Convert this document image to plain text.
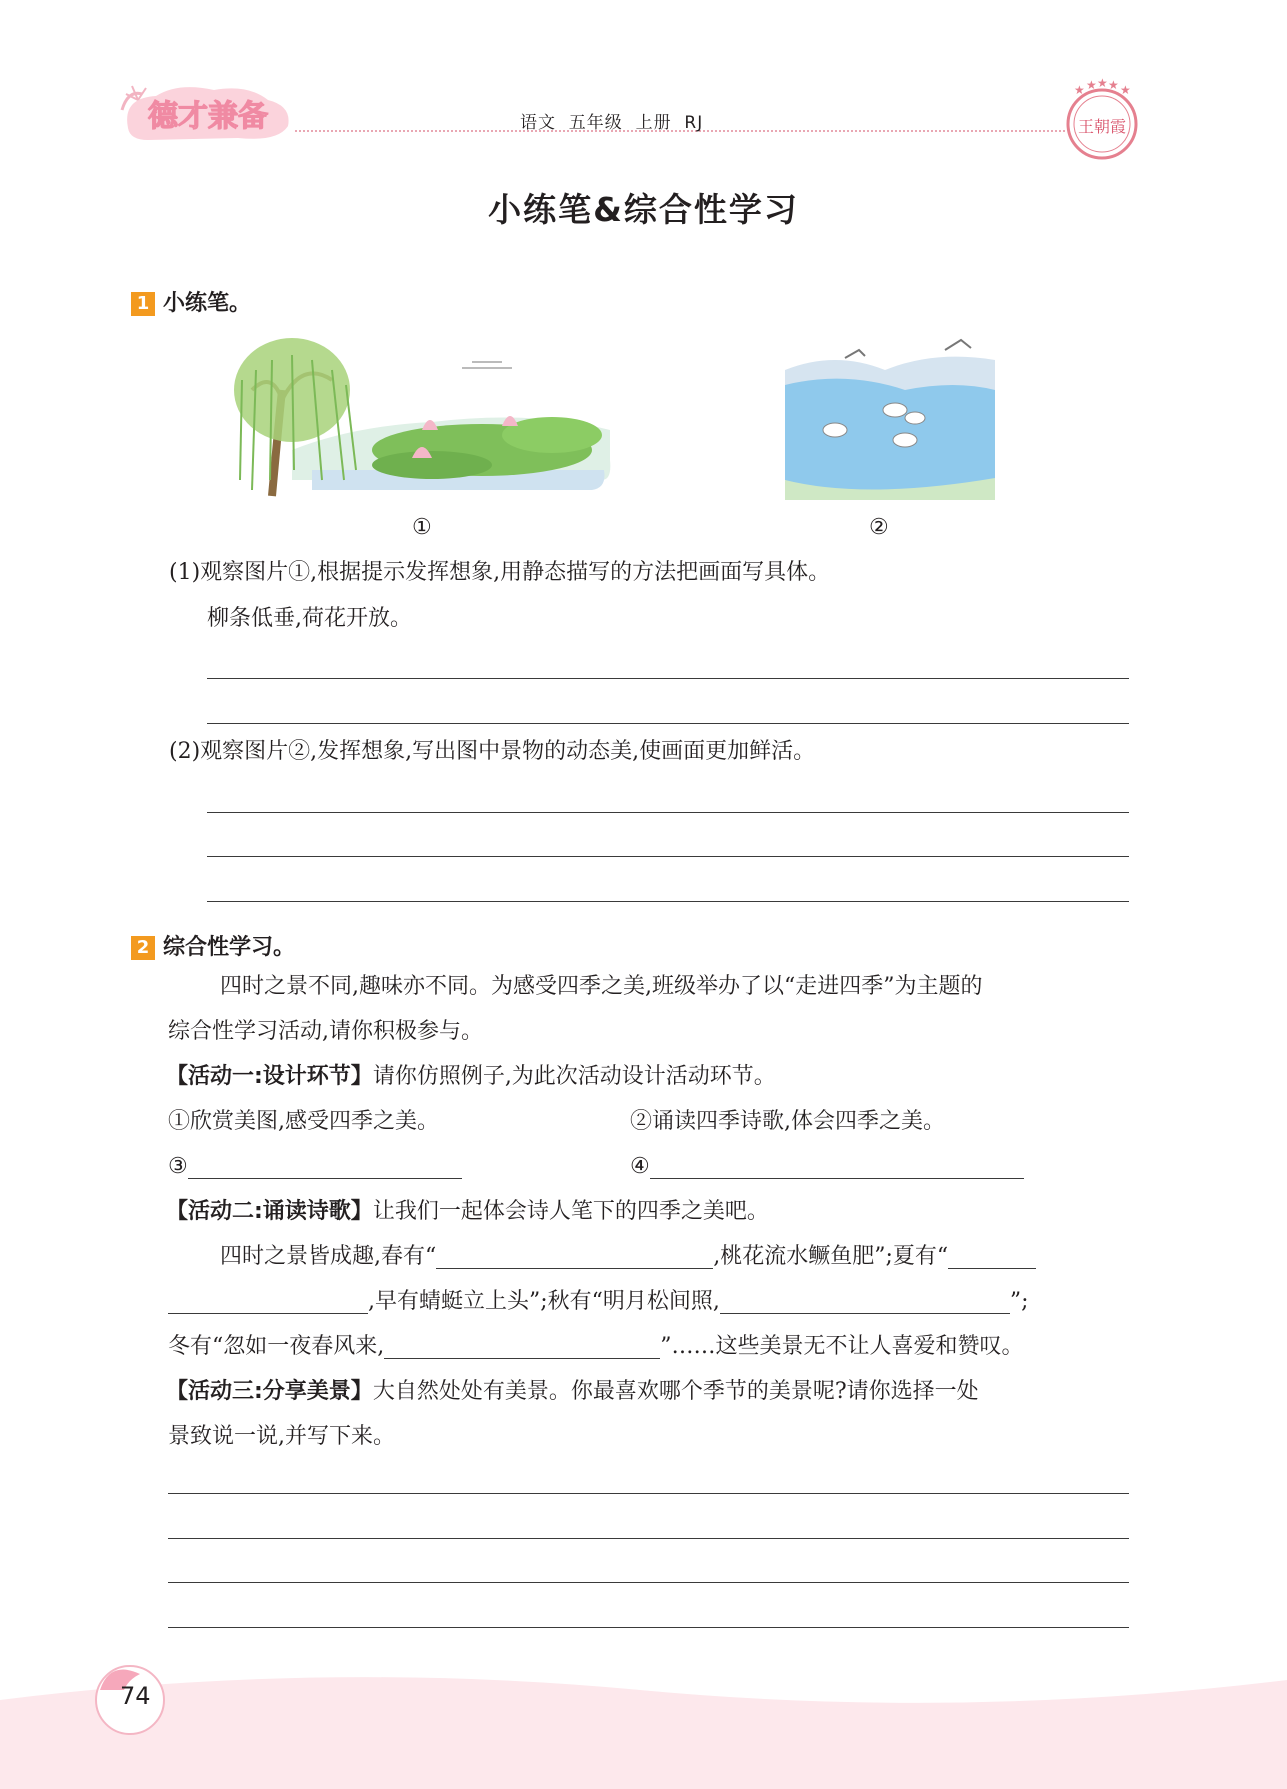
德才兼备	语文  五年级  上册  RJ
★ ★ ★ ★ ★
王朝霞
小练笔&综合性学习
1 小练笔。
①	②
(1)观察图片①,根据提示发挥想象,用静态描写的方法把画面写具体。
柳条低垂,荷花开放。
(2)观察图片②,发挥想象,写出图中景物的动态美,使画面更加鲜活。
2 综合性学习。
四时之景不同,趣味亦不同。为感受四季之美,班级举办了以“走进四季”为主题的
综合性学习活动,请你积极参与。
【活动一:设计环节】请你仿照例子,为此次活动设计活动环节。
①欣赏美图,感受四季之美。	②诵读四季诗歌,体会四季之美。
③	④
【活动二:诵读诗歌】让我们一起体会诗人笔下的四季之美吧。
四时之景皆成趣,春有“	,桃花流水鳜鱼肥”;夏有“
,早有蜻蜓立上头”;秋有“明月松间照,	”;
冬有“忽如一夜春风来,	”……这些美景无不让人喜爱和赞叹。
【活动三:分享美景】大自然处处有美景。你最喜欢哪个季节的美景呢?请你选择一处
景致说一说,并写下来。
74
